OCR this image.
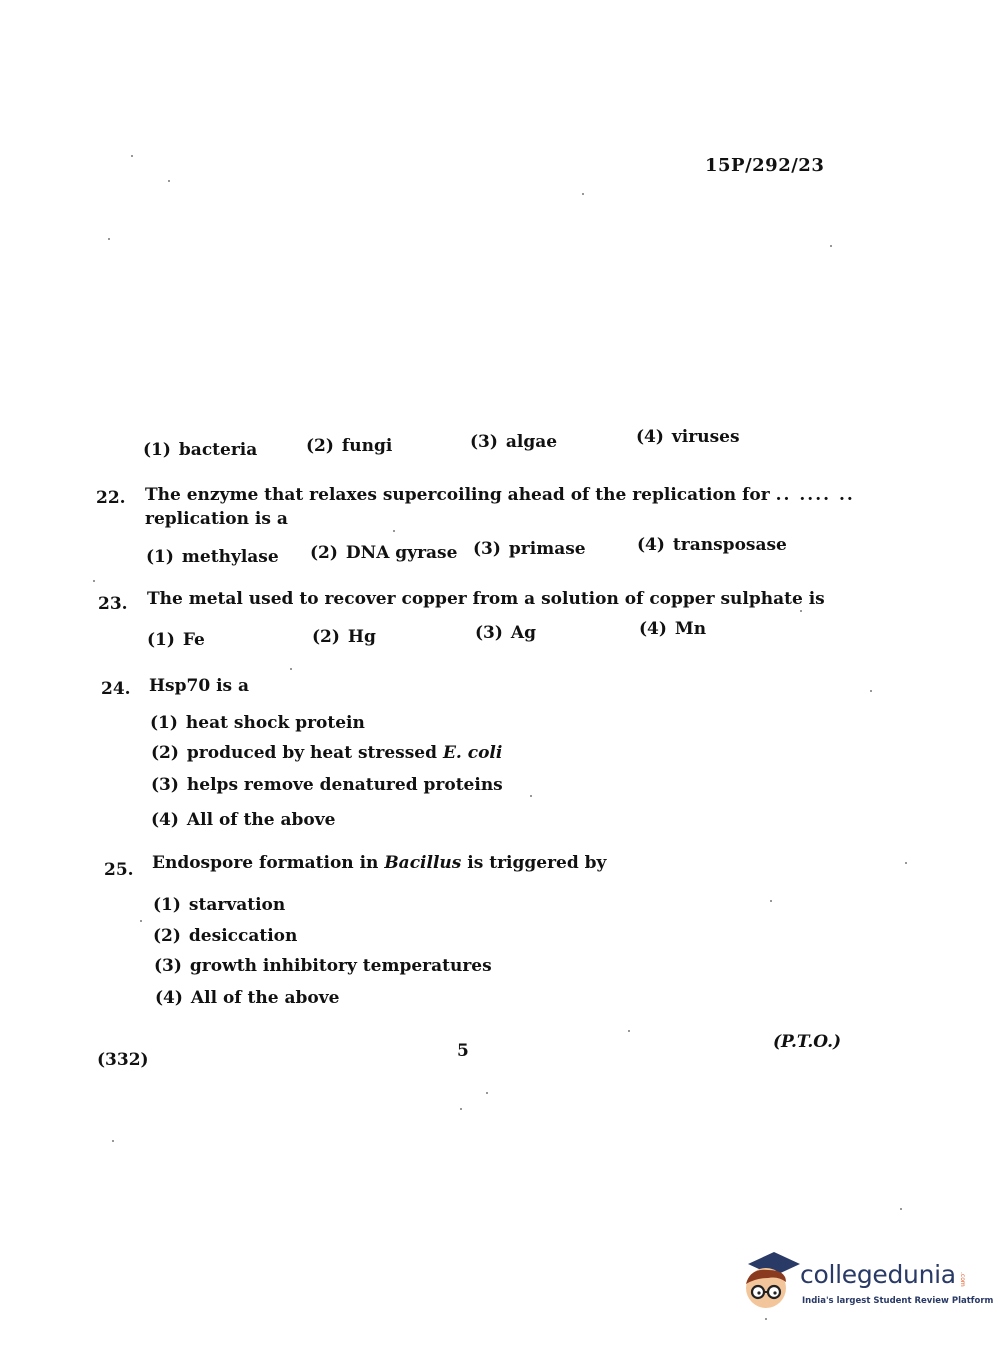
15P/292/23
(1) bacteria	(2) fungi	(3) algae	(4) viruses
22. The enzyme that relaxes supercoiling ahead of the replication for .. .... ..
replication is a
(1) methylase (2) DNA gyrase (3) primase	(4) transposase
23. The metal used to recover copper from a solution of copper sulphate is
(1) Fe	(2) Hg	(3) Ag	(4) Mn
24. Hsp70 is a
(1) heat shock protein
(2) produced by heat stressed E. coli
(3) helps remove denatured proteins
(4) All of the above
25. Endospore formation in Bacillus is triggered by
(1) starvation
(2) desiccation
(3) growth inhibitory temperatures
(4) All of the above
(332)	5	(P.T.O.)
collegedunia .com
India's largest Student Review Platform
